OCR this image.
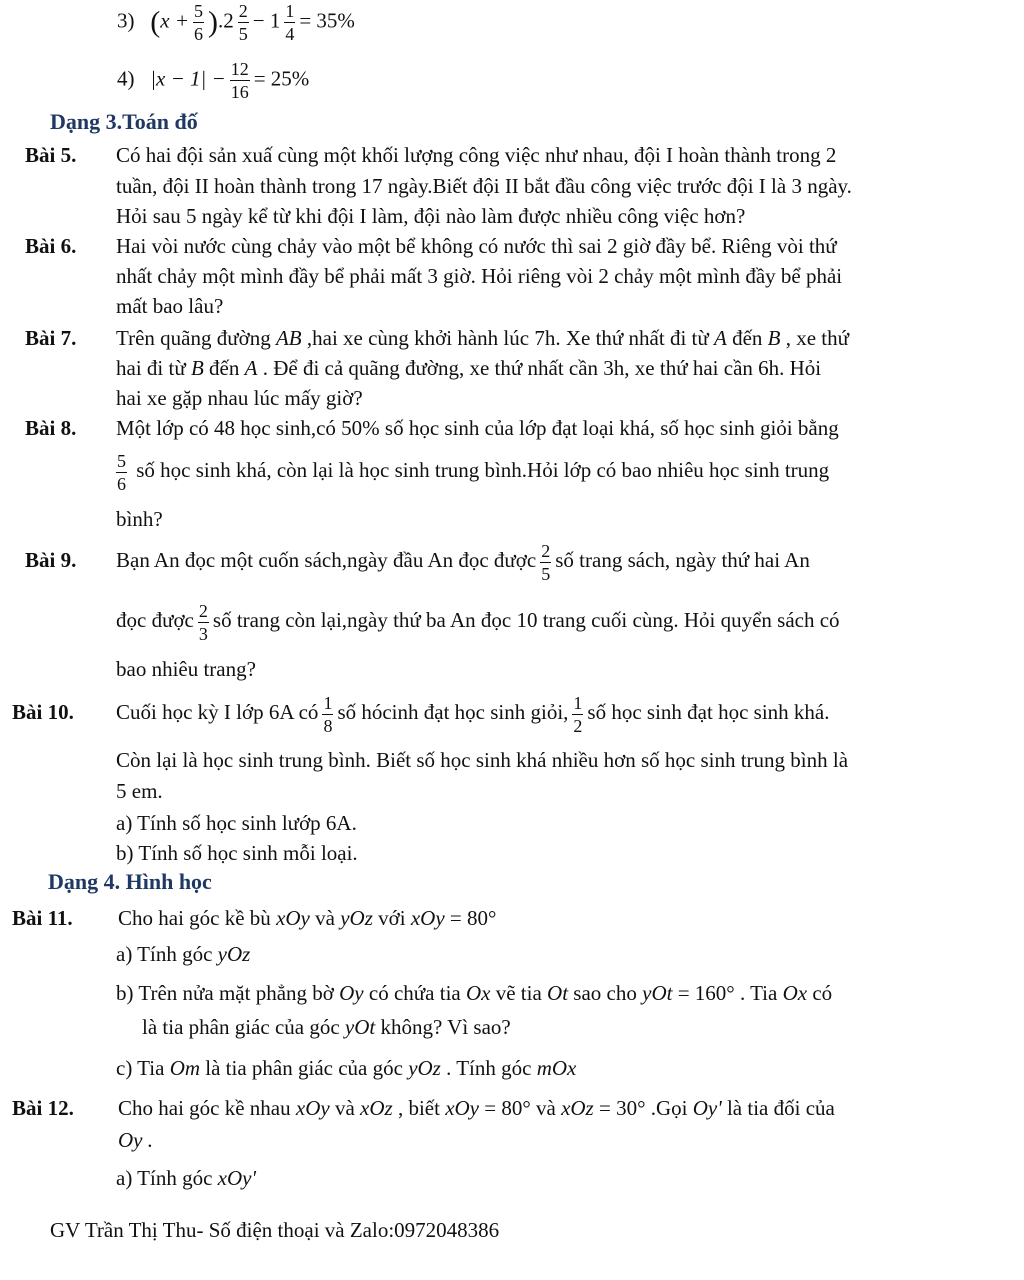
3) $(x + \frac{5}{6} ).2 \frac{2}{5} - 1 \frac{1}{4} = 35\%$
4) $|x - 1| - \frac{12}{16} = 25\%$
Dạng 3.Toán đố
Bài 5. Có hai đội sản xuấ cùng một khối lượng công việc như nhau, đội I hoàn thành trong 2
tuần, đội II hoàn thành trong 17 ngày.Biết đội II bắt đầu công việc trước đội I là 3 ngày.
Hỏi sau 5 ngày kể từ khi đội I làm, đội nào làm được nhiều công việc hơn?
Bài 6. Hai vòi nước cùng chảy vào một bể không có nước thì sai 2 giờ đầy bể. Riêng vòi thứ
nhất chảy một mình đầy bể phải mất 3 giờ. Hỏi riêng vòi 2 chảy một mình đầy bể phải
mất bao lâu?
Bài 7. Trên quãng đường AB ,hai xe cùng khởi hành lúc 7h. Xe thứ nhất đi từ A đến B , xe thứ
hai đi từ B đến A . Để đi cả quãng đường, xe thứ nhất cần 3h, xe thứ hai cần 6h. Hỏi
hai xe gặp nhau lúc mấy giờ?
Bài 8. Một lớp có 48 học sinh,có 50% số học sinh của lớp đạt loại khá, số học sinh giỏi bằng
$\frac{5}{6}$ số học sinh khá, còn lại là học sinh trung bình.Hỏi lớp có bao nhiêu học sinh trung
bình?
Bài 9. Bạn An đọc một cuốn sách,ngày đầu An đọc được $\frac{2}{5}$ số trang sách, ngày thứ hai An
đọc được $\frac{2}{3}$ số trang còn lại,ngày thứ ba An đọc 10 trang cuối cùng. Hỏi quyển sách có
bao nhiêu trang?
Bài 10. Cuối học kỳ I lớp 6A có $\frac{1}{8}$ số hócinh đạt học sinh giỏi, $\frac{1}{2}$ số học sinh đạt học sinh khá.
Còn lại là học sinh trung bình. Biết số học sinh khá nhiều hơn số học sinh trung bình là
5 em.
a) Tính số học sinh lướp 6A.
b) Tính số học sinh mỗi loại.
Dạng 4. Hình học
Bài 11. Cho hai góc kề bù xOy và yOz với xOy = 80°
a) Tính góc yOz
b) Trên nửa mặt phẳng bờ Oy có chứa tia Ox vẽ tia Ot sao cho yOt = 160° . Tia Ox có
là tia phân giác của góc yOt không? Vì sao?
c) Tia Om là tia phân giác của góc yOz . Tính góc mOx
Bài 12. Cho hai góc kề nhau xOy và xOz , biết xOy = 80° và xOz = 30° .Gọi Oy' là tia đối của
Oy .
a) Tính góc xOy'
GV Trần Thị Thu- Số điện thoại và Zalo:0972048386
